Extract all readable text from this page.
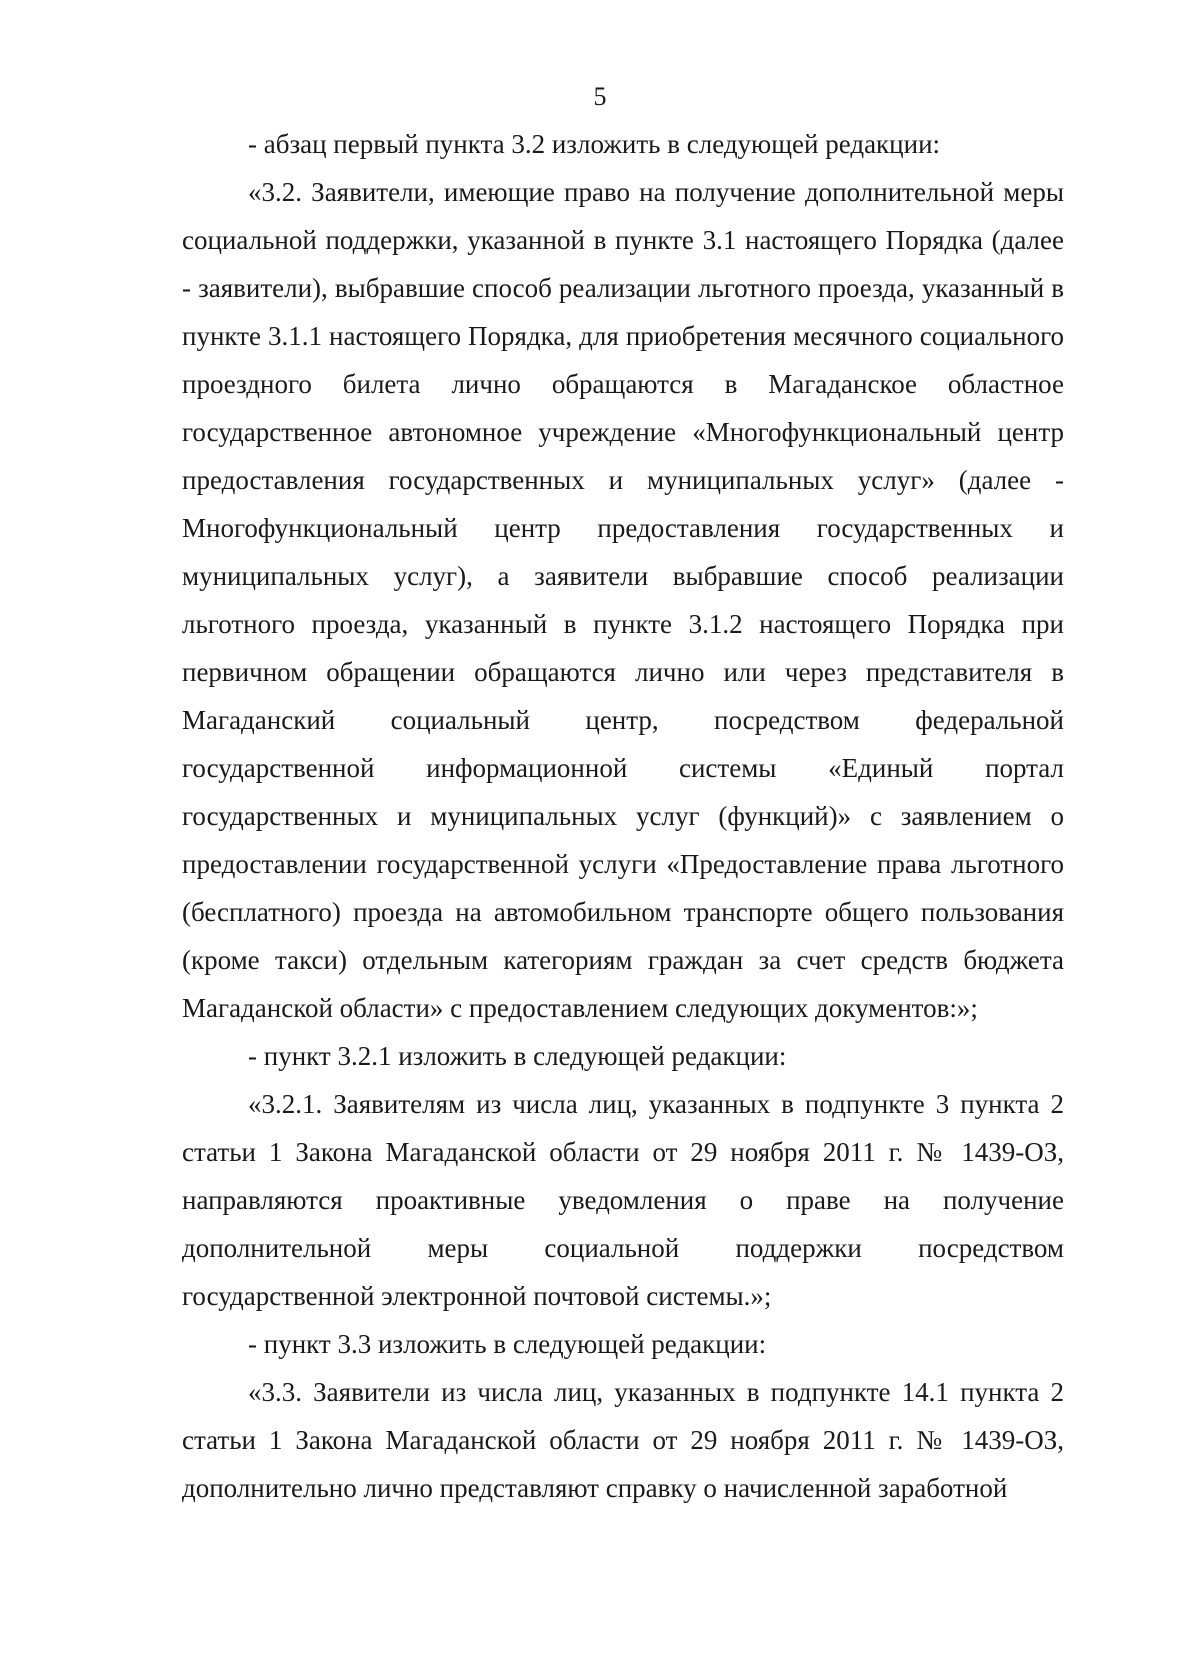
5

- абзац первый пункта 3.2 изложить в следующей редакции:

«3.2. Заявители, имеющие право на получение дополнительной меры социальной поддержки, указанной в пункте 3.1 настоящего Порядка (далее - заявители), выбравшие способ реализации льготного проезда, указанный в пункте 3.1.1 настоящего Порядка, для приобретения месячного социального проездного билета лично обращаются в Магаданское областное государственное автономное учреждение «Многофункциональный центр предоставления государственных и муниципальных услуг» (далее - Многофункциональный центр предоставления государственных и муниципальных услуг), а заявители выбравшие способ реализации льготного проезда, указанный в пункте 3.1.2 настоящего Порядка при первичном обращении обращаются лично или через представителя в Магаданский социальный центр, посредством федеральной государственной информационной системы «Единый портал государственных и муниципальных услуг (функций)» с заявлением о предоставлении государственной услуги «Предоставление права льготного (бесплатного) проезда на автомобильном транспорте общего пользования (кроме такси) отдельным категориям граждан за счет средств бюджета Магаданской области» с предоставлением следующих документов:»;

- пункт 3.2.1 изложить в следующей редакции:

«3.2.1. Заявителям из числа лиц, указанных в подпункте 3 пункта 2 статьи 1 Закона Магаданской области от 29 ноября 2011 г. № 1439-ОЗ, направляются проактивные уведомления о праве на получение дополнительной меры социальной поддержки посредством государственной электронной почтовой системы.»;

- пункт 3.3 изложить в следующей редакции:

«3.3. Заявители из числа лиц, указанных в подпункте 14.1 пункта 2 статьи 1 Закона Магаданской области от 29 ноября 2011 г. № 1439-ОЗ, дополнительно лично представляют справку о начисленной заработной
